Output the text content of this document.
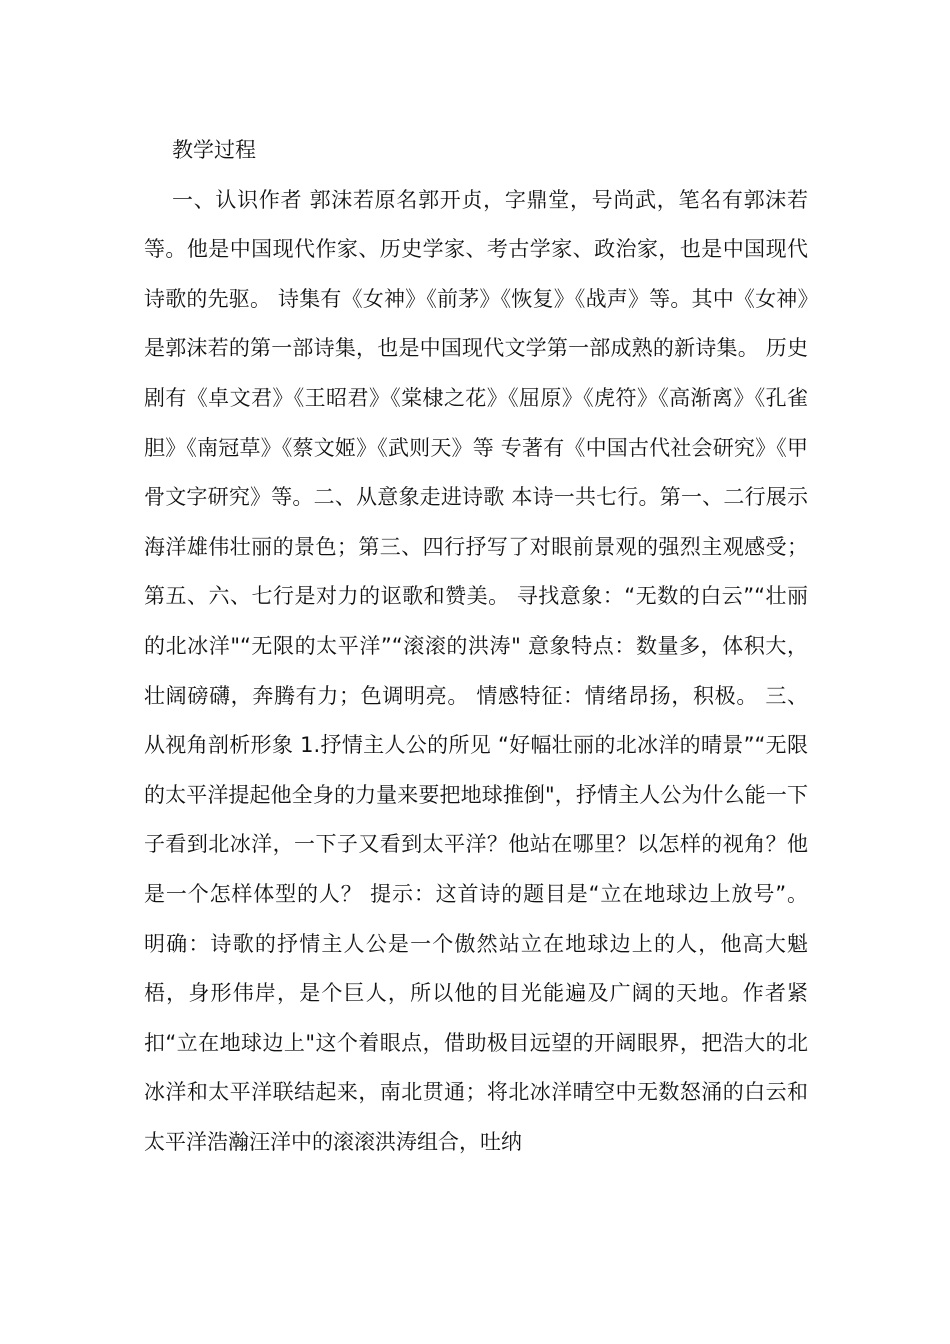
教学过程

一、认识作者 郭沫若原名郭开贞，字鼎堂，号尚武，笔名有郭沫若等。他是中国现代作家、历史学家、考古学家、政治家，也是中国现代诗歌的先驱。 诗集有《女神》《前茅》《恢复》《战声》等。其中《女神》是郭沫若的第一部诗集，也是中国现代文学第一部成熟的新诗集。 历史剧有《卓文君》《王昭君》《棠棣之花》《屈原》《虎符》《高渐离》《孔雀胆》《南冠草》《蔡文姬》《武则天》等 专著有《中国古代社会研究》《甲骨文字研究》等。二、从意象走进诗歌 本诗一共七行。第一、二行展示海洋雄伟壮丽的景色；第三、四行抒写了对眼前景观的强烈主观感受；第五、六、七行是对力的讴歌和赞美。 寻找意象：“无数的白云”“壮丽的北冰洋"“无限的太平洋”“滚滚的洪涛" 意象特点：数量多，体积大，壮阔磅礴，奔腾有力；色调明亮。 情感特征：情绪昂扬，积极。 三、从视角剖析形象 1.抒情主人公的所见 “好幅壮丽的北冰洋的晴景”“无限的太平洋提起他全身的力量来要把地球推倒"，抒情主人公为什么能一下子看到北冰洋，一下子又看到太平洋？他站在哪里？以怎样的视角？他是一个怎样体型的人？ 提示：这首诗的题目是“立在地球边上放号”。 明确：诗歌的抒情主人公是一个傲然站立在地球边上的人，他高大魁梧，身形伟岸，是个巨人，所以他的目光能遍及广阔的天地。作者紧扣“立在地球边上"这个着眼点，借助极目远望的开阔眼界，把浩大的北冰洋和太平洋联结起来，南北贯通；将北冰洋晴空中无数怒涌的白云和太平洋浩瀚汪洋中的滚滚洪涛组合，吐纳
